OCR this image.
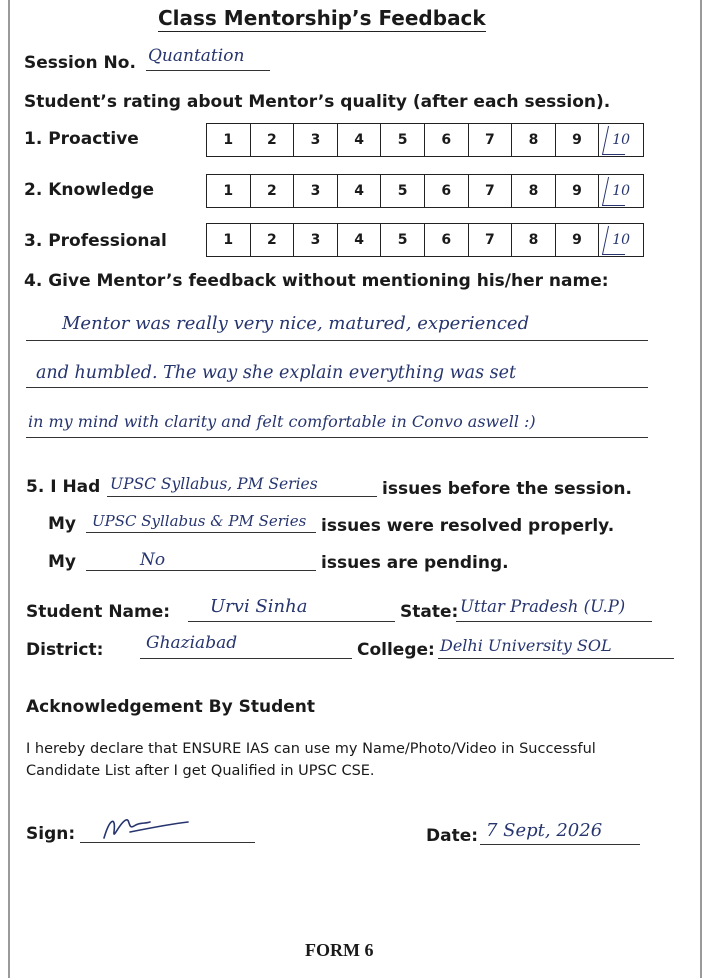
Class Mentorship’s Feedback
Session No. Quantation
Student’s rating about Mentor’s quality (after each session).
1. Proactive	1	2	3	4	5	6	7	8	9	10
2. Knowledge	1	2	3	4	5	6	7	8	9	10
3. Professional	1	2	3	4	5	6	7	8	9	10
4. Give Mentor’s feedback without mentioning his/her name:
Mentor was really very nice, matured, experienced
and humbled. The way she explain everything was set
in my mind with clarity and felt comfortable in Convo aswell :)
5. I Had UPSC Syllabus, PM Series	issues before the session.
My UPSC Syllabus & PM Series issues were resolved properly.
My	No	issues are pending.
Student Name: Urvi Sinha	State: Uttar Pradesh (U.P)
District:	Ghaziabad	College: Delhi University SOL
Acknowledgement By Student
I hereby declare that ENSURE IAS can use my Name/Photo/Video in Successful Candidate List after I get Qualified in UPSC CSE.
Sign:	Date: 7 Sept, 2026
FORM 6
